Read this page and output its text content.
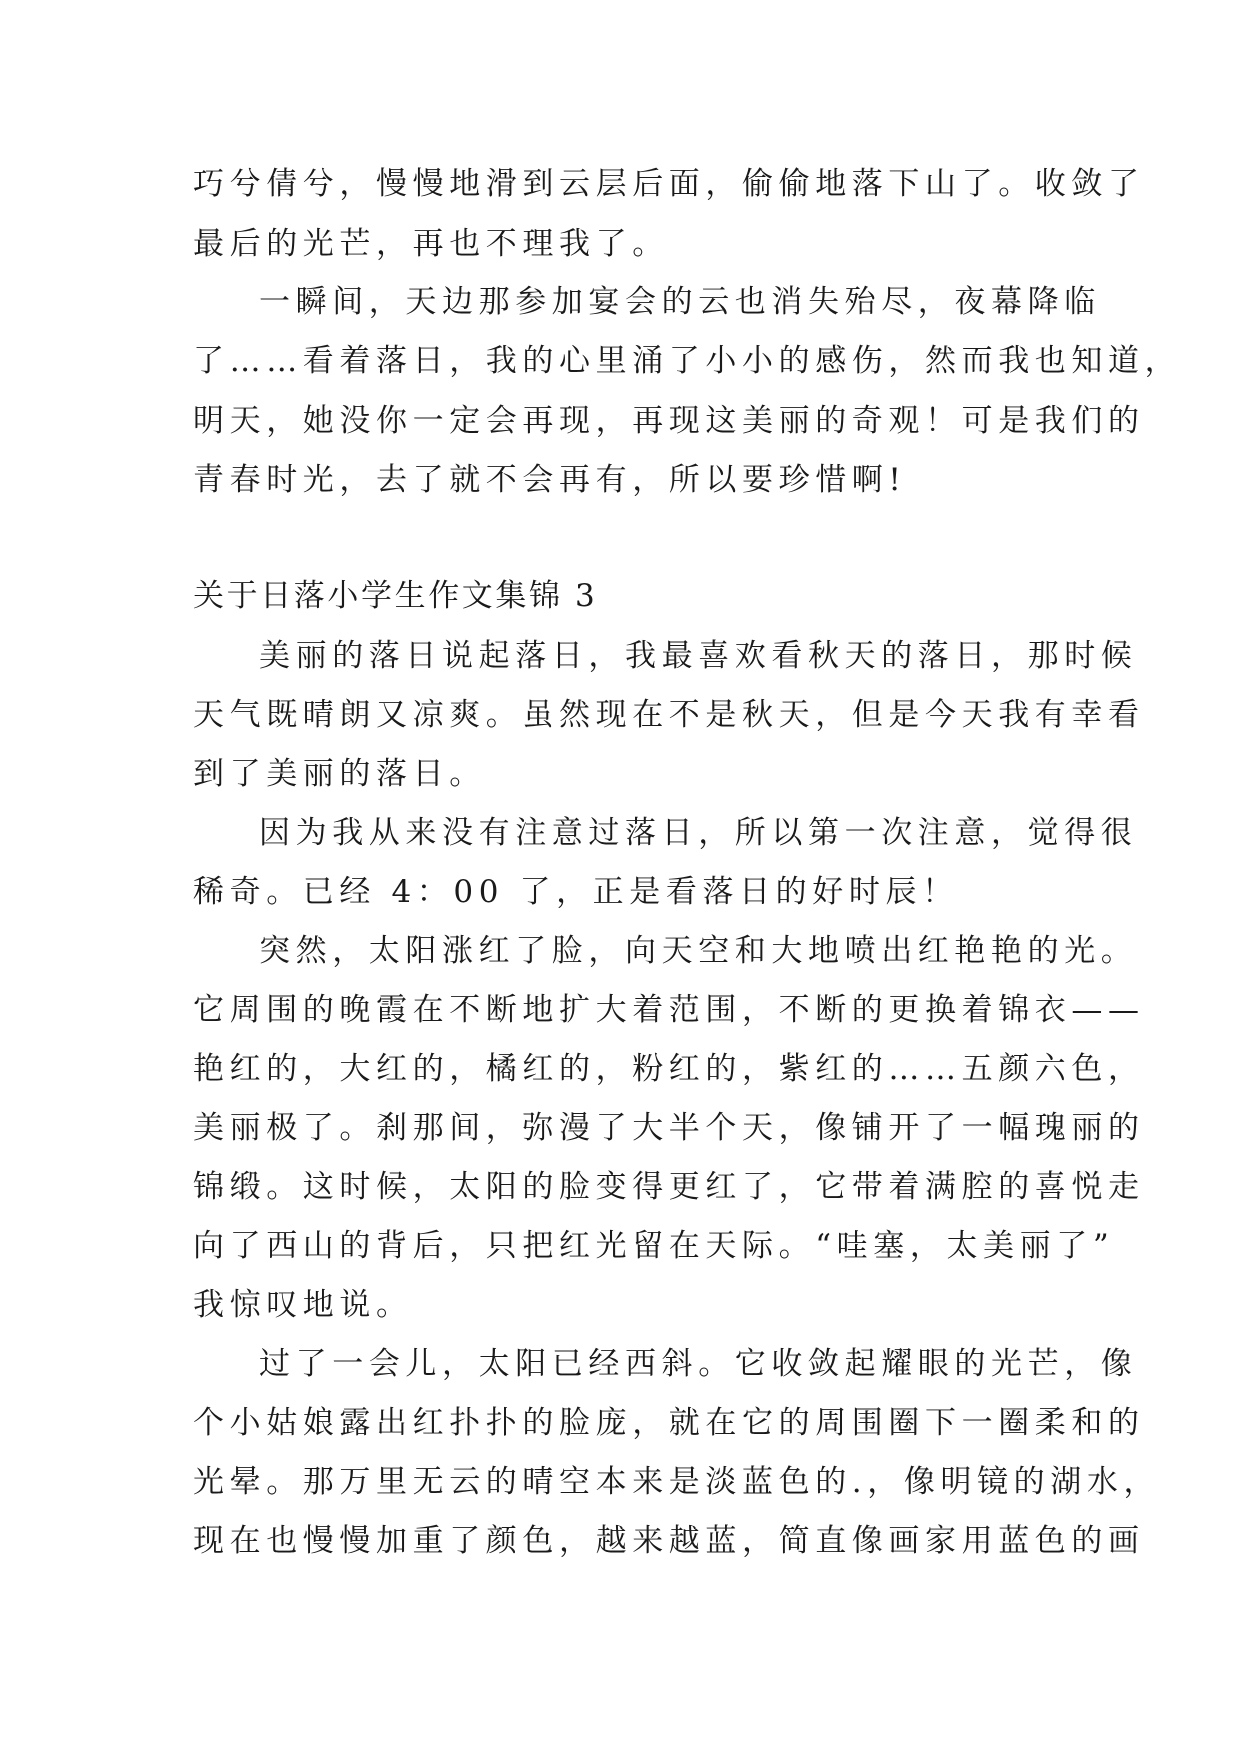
巧兮倩兮，慢慢地滑到云层后面，偷偷地落下山了。收敛了
最后的光芒，再也不理我了。
一瞬间，天边那参加宴会的云也消失殆尽，夜幕降临
了……看着落日，我的心里涌了小小的感伤，然而我也知道，
明天，她没你一定会再现，再现这美丽的奇观！可是我们的
青春时光，去了就不会再有，所以要珍惜啊!
关于日落小学生作文集锦 3
美丽的落日说起落日，我最喜欢看秋天的落日，那时候
天气既晴朗又凉爽。虽然现在不是秋天，但是今天我有幸看
到了美丽的落日。
因为我从来没有注意过落日，所以第一次注意，觉得很
稀奇。已经 4：00 了，正是看落日的好时辰！
突然，太阳涨红了脸，向天空和大地喷出红艳艳的光。
它周围的晚霞在不断地扩大着范围，不断的更换着锦衣——
艳红的，大红的，橘红的，粉红的，紫红的……五颜六色，
美丽极了。刹那间，弥漫了大半个天，像铺开了一幅瑰丽的
锦缎。这时候，太阳的脸变得更红了，它带着满腔的喜悦走
向了西山的背后，只把红光留在天际。“哇塞，太美丽了”
我惊叹地说。
过了一会儿，太阳已经西斜。它收敛起耀眼的光芒，像
个小姑娘露出红扑扑的脸庞，就在它的周围圈下一圈柔和的
光晕。那万里无云的晴空本来是淡蓝色的.，像明镜的湖水，
现在也慢慢加重了颜色，越来越蓝，简直像画家用蓝色的画
